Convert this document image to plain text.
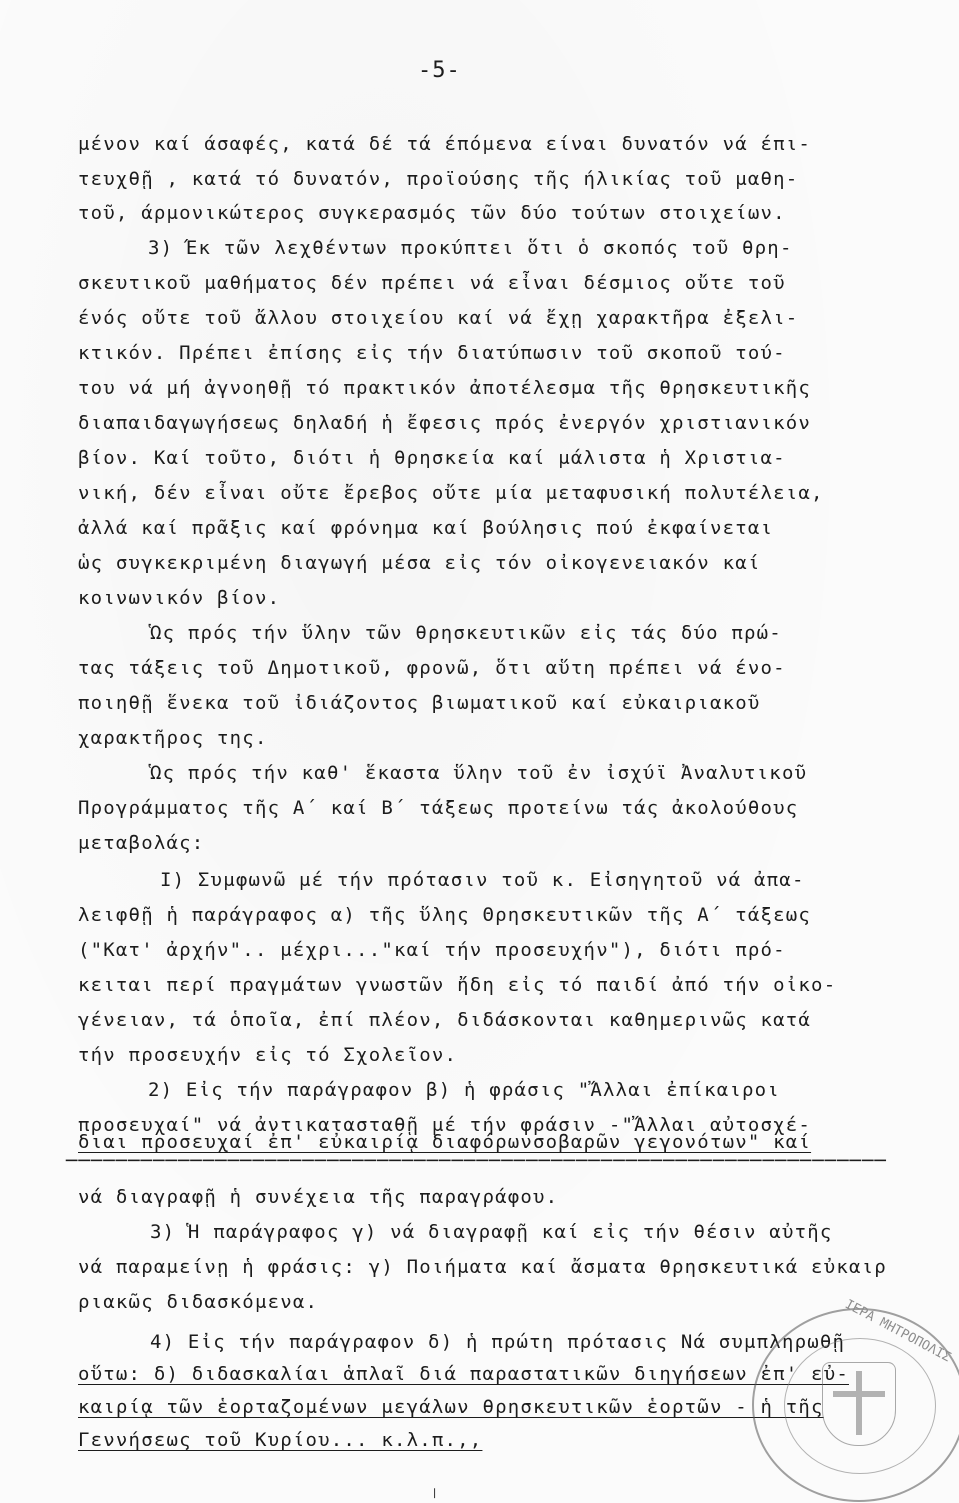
-5-
μένον καί άσαφές, κατά δέ τά έπόμενα είναι δυνατόν νά έπι-
τευχθῇ , κατά τό δυνατόν, προϊούσης τῆς ήλικίας τοῦ μαθη-
τοῦ, άρμονικώτερος συγκερασμός τῶν δύο τούτων στοιχείων.
3) Έκ τῶν λεχθέντων προκύπτει ὅτι ὁ σκοπός τοῦ θρη-
σκευτικοῦ μαθήματος δέν πρέπει νά εἶναι δέσμιος οὔτε τοῦ
ένός οὔτε τοῦ ἄλλου στοιχείου καί νά ἔχῃ χαρακτῆρα ἐξελι-
κτικόν. Πρέπει ἐπίσης εἰς τήν διατύπωσιν τοῦ σκοποῦ τού-
του νά μή ἀγνοηθῇ τό πρακτικόν ἀποτέλεσμα τῆς θρησκευτικῆς
διαπαιδαγωγήσεως δηλαδή ἡ ἔφεσις πρός ἐνεργόν χριστιανικόν
βίον. Καί τοῦτο, διότι ἡ θρησκεία καί μάλιστα ἡ Χριστια-
νική, δέν εἶναι οὔτε ἔρεβος οὔτε μία μεταφυσική πολυτέλεια,
ἀλλά καί πρᾶξις καί φρόνημα καί βούλησις πού ἐκφαίνεται
ὡς συγκεκριμένη διαγωγή μέσα εἰς τόν οἰκογενειακόν καί
κοινωνικόν βίον.
Ὡς πρός τήν ὕλην τῶν θρησκευτικῶν εἰς τάς δύο πρώ-
τας τάξεις τοῦ Δημοτικοῦ, φρονῶ, ὅτι αὕτη πρέπει νά ένο-
ποιηθῇ ἕνεκα τοῦ ἰδιάζοντος βιωματικοῦ καί εὐκαιριακοῦ
χαρακτῆρος της.
Ὡς πρός τήν καθ' ἕκαστα ὕλην τοῦ ἐν ἰσχύϊ Ἀναλυτικοῦ
Προγράμματος τῆς Α΄ καί Β΄ τάξεως προτείνω τάς ἀκολούθους
μεταβολάς:
Ι) Συμφωνῶ μέ τήν πρότασιν τοῦ κ. Εἰσηγητοῦ νά ἀπα-
λειφθῇ ἡ παράγραφος α) τῆς ὕλης Θρησκευτικῶν τῆς Α΄ τάξεως
("Κατ' ἀρχήν".. μέχρι..."καί τήν προσευχήν"), διότι πρό-
κειται περί πραγμάτων γνωστῶν ἤδη εἰς τό παιδί ἀπό τήν οἰκο-
γένειαν, τά ὁποῖα, ἐπί πλέον, διδάσκονται καθημερινῶς κατά
τήν προσευχήν εἰς τό Σχολεῖον.
2) Εἰς τήν παράγραφον β) ἡ φράσις "Ἄλλαι ἐπίκαιροι
προσευχαί" νά ἀντικατασταθῇ μέ τήν φράσιν -"Ἄλλαι αὐτοσχέ-
διαι προσευχαί ἐπ' εὐκαιρίᾳ διαφόρωνσοβαρῶν γεγονότων" καί
──────────────────────────────────────────────────────────────────
νά διαγραφῇ ἡ συνέχεια τῆς παραγράφου.
3) Ἡ παράγραφος γ) νά διαγραφῇ καί εἰς τήν θέσιν αὐτῆς
νά παραμείνῃ ἡ φράσις: γ) Ποιήματα καί ἄσματα θρησκευτικά εὐκαιρ
ριακῶς διδασκόμενα.
4) Εἰς τήν παράγραφον δ) ἡ πρώτη πρότασις Νά συμπληρωθῇ
οὕτω: δ) διδασκαλίαι ἁπλαῖ διά παραστατικῶν διηγήσεων ἐπ' εὐ-
καιρίᾳ τῶν ἑορταζομένων μεγάλων θρησκευτικῶν ἑορτῶν - ἡ τῆς
Γεννήσεως τοῦ Κυρίου... κ.λ.π.,,
ΙΕΡΑ ΜΗΤΡΟΠΟΛΙΣ
ᛧ
